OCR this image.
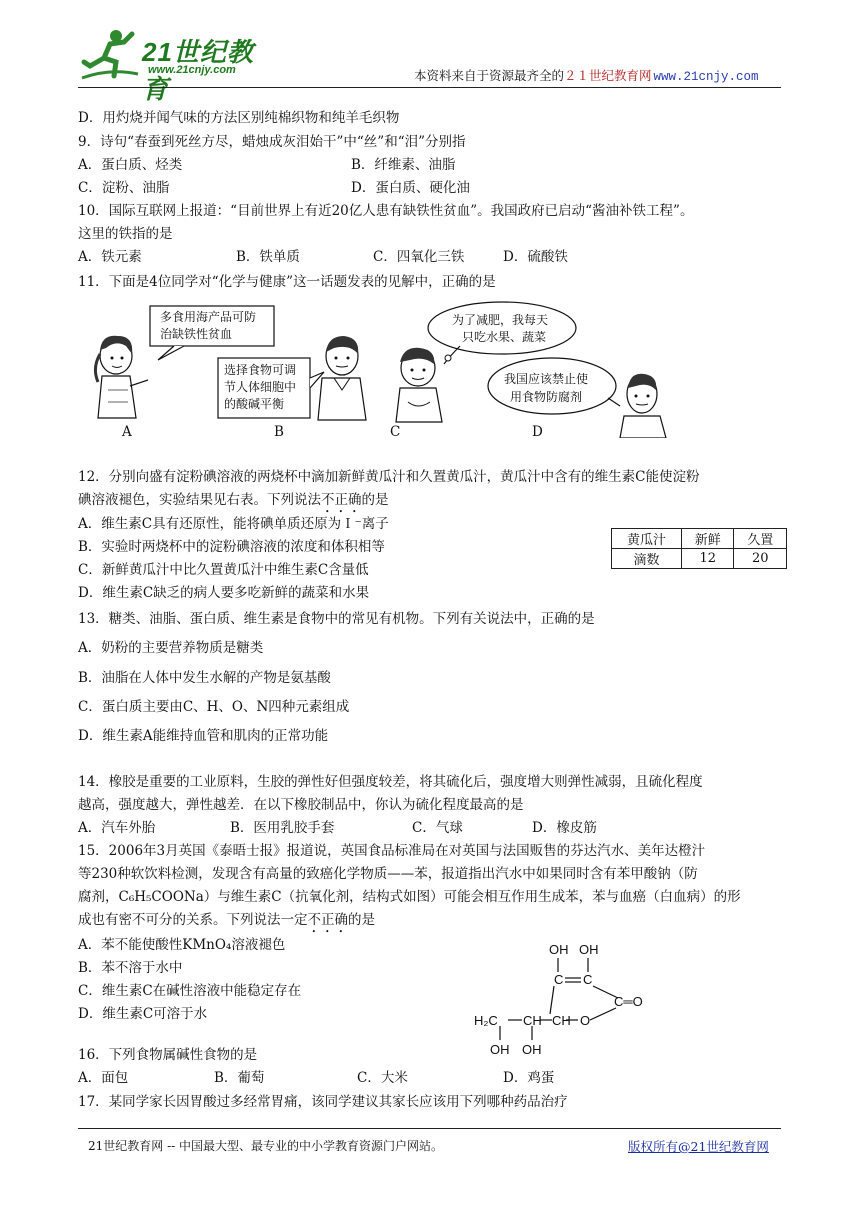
21世纪教育
www.21cnjy.com	本资料来自于资源最齐全的２１世纪教育网 www.21cnjy.com
D．用灼烧并闻气味的方法区别纯棉织物和纯羊毛织物
9．诗句“春蚕到死丝方尽，蜡烛成灰泪始干”中“丝”和“泪”分别指
A．蛋白质、烃类	B．纤维素、油脂
C．淀粉、油脂	D．蛋白质、硬化油
10．国际互联网上报道：“目前世界上有近20亿人患有缺铁性贫血”。我国政府已启动“酱油补铁工程”。
这里的铁指的是
A．铁元素	B．铁单质	C．四氧化三铁	D．硫酸铁
11．下面是4位同学对“化学与健康”这一话题发表的见解中，正确的是
多食用海产品可防
治缺铁性贫血
选择食物可调
节人体细胞中
的酸碱平衡
为了减肥，我每天
只吃水果、蔬菜
我国应该禁止使
用食物防腐剂
A	B	C	D
12．分别向盛有淀粉碘溶液的两烧杯中滴加新鲜黄瓜汁和久置黄瓜汁，黄瓜汁中含有的维生素C能使淀粉
碘溶液褪色，实验结果见右表。下列说法不正确的是
A．维生素C具有还原性，能将碘单质还原为Ｉ⁻离子
B．实验时两烧杯中的淀粉碘溶液的浓度和体积相等
C．新鲜黄瓜汁中比久置黄瓜汁中维生素C含量低
D．维生素C缺乏的病人要多吃新鲜的蔬菜和水果
黄瓜汁	新鲜	久置
滴数	12	20
13．糖类、油脂、蛋白质、维生素是食物中的常见有机物。下列有关说法中，正确的是
A．奶粉的主要营养物质是糖类
B．油脂在人体中发生水解的产物是氨基酸
C．蛋白质主要由C、H、O、N四种元素组成
D．维生素A能维持血管和肌肉的正常功能
14．橡胶是重要的工业原料，生胶的弹性好但强度较差，将其硫化后，强度增大则弹性减弱，且硫化程度
越高，强度越大，弹性越差．在以下橡胶制品中，你认为硫化程度最高的是
A．汽车外胎	B．医用乳胶手套	C．气球	D．橡皮筋
15．2006年3月英国《泰晤士报》报道说，英国食品标准局在对英国与法国贩售的芬达汽水、美年达橙汁
等230种软饮料检测，发现含有高量的致癌化学物质——苯，报道指出汽水中如果同时含有苯甲酸钠（防
腐剂，C₆H₅COONa）与维生素C（抗氧化剂，结构式如图）可能会相互作用生成苯，苯与血癌（白血病）的形
成也有密不可分的关系。下列说法一定不正确的是
A．苯不能使酸性KMnO₄溶液褪色
B．苯不溶于水中
C．维生素C在碱性溶液中能稳定存在
D．维生素C可溶于水
OH OH
C C
C═O
H₂C CH CH O
OH OH
16．下列食物属碱性食物的是
A．面包	B．葡萄	C．大米	D．鸡蛋
17．某同学家长因胃酸过多经常胃痛，该同学建议其家长应该用下列哪种药品治疗
21世纪教育网 -- 中国最大型、最专业的中小学教育资源门户网站。	版权所有@21世纪教育网
